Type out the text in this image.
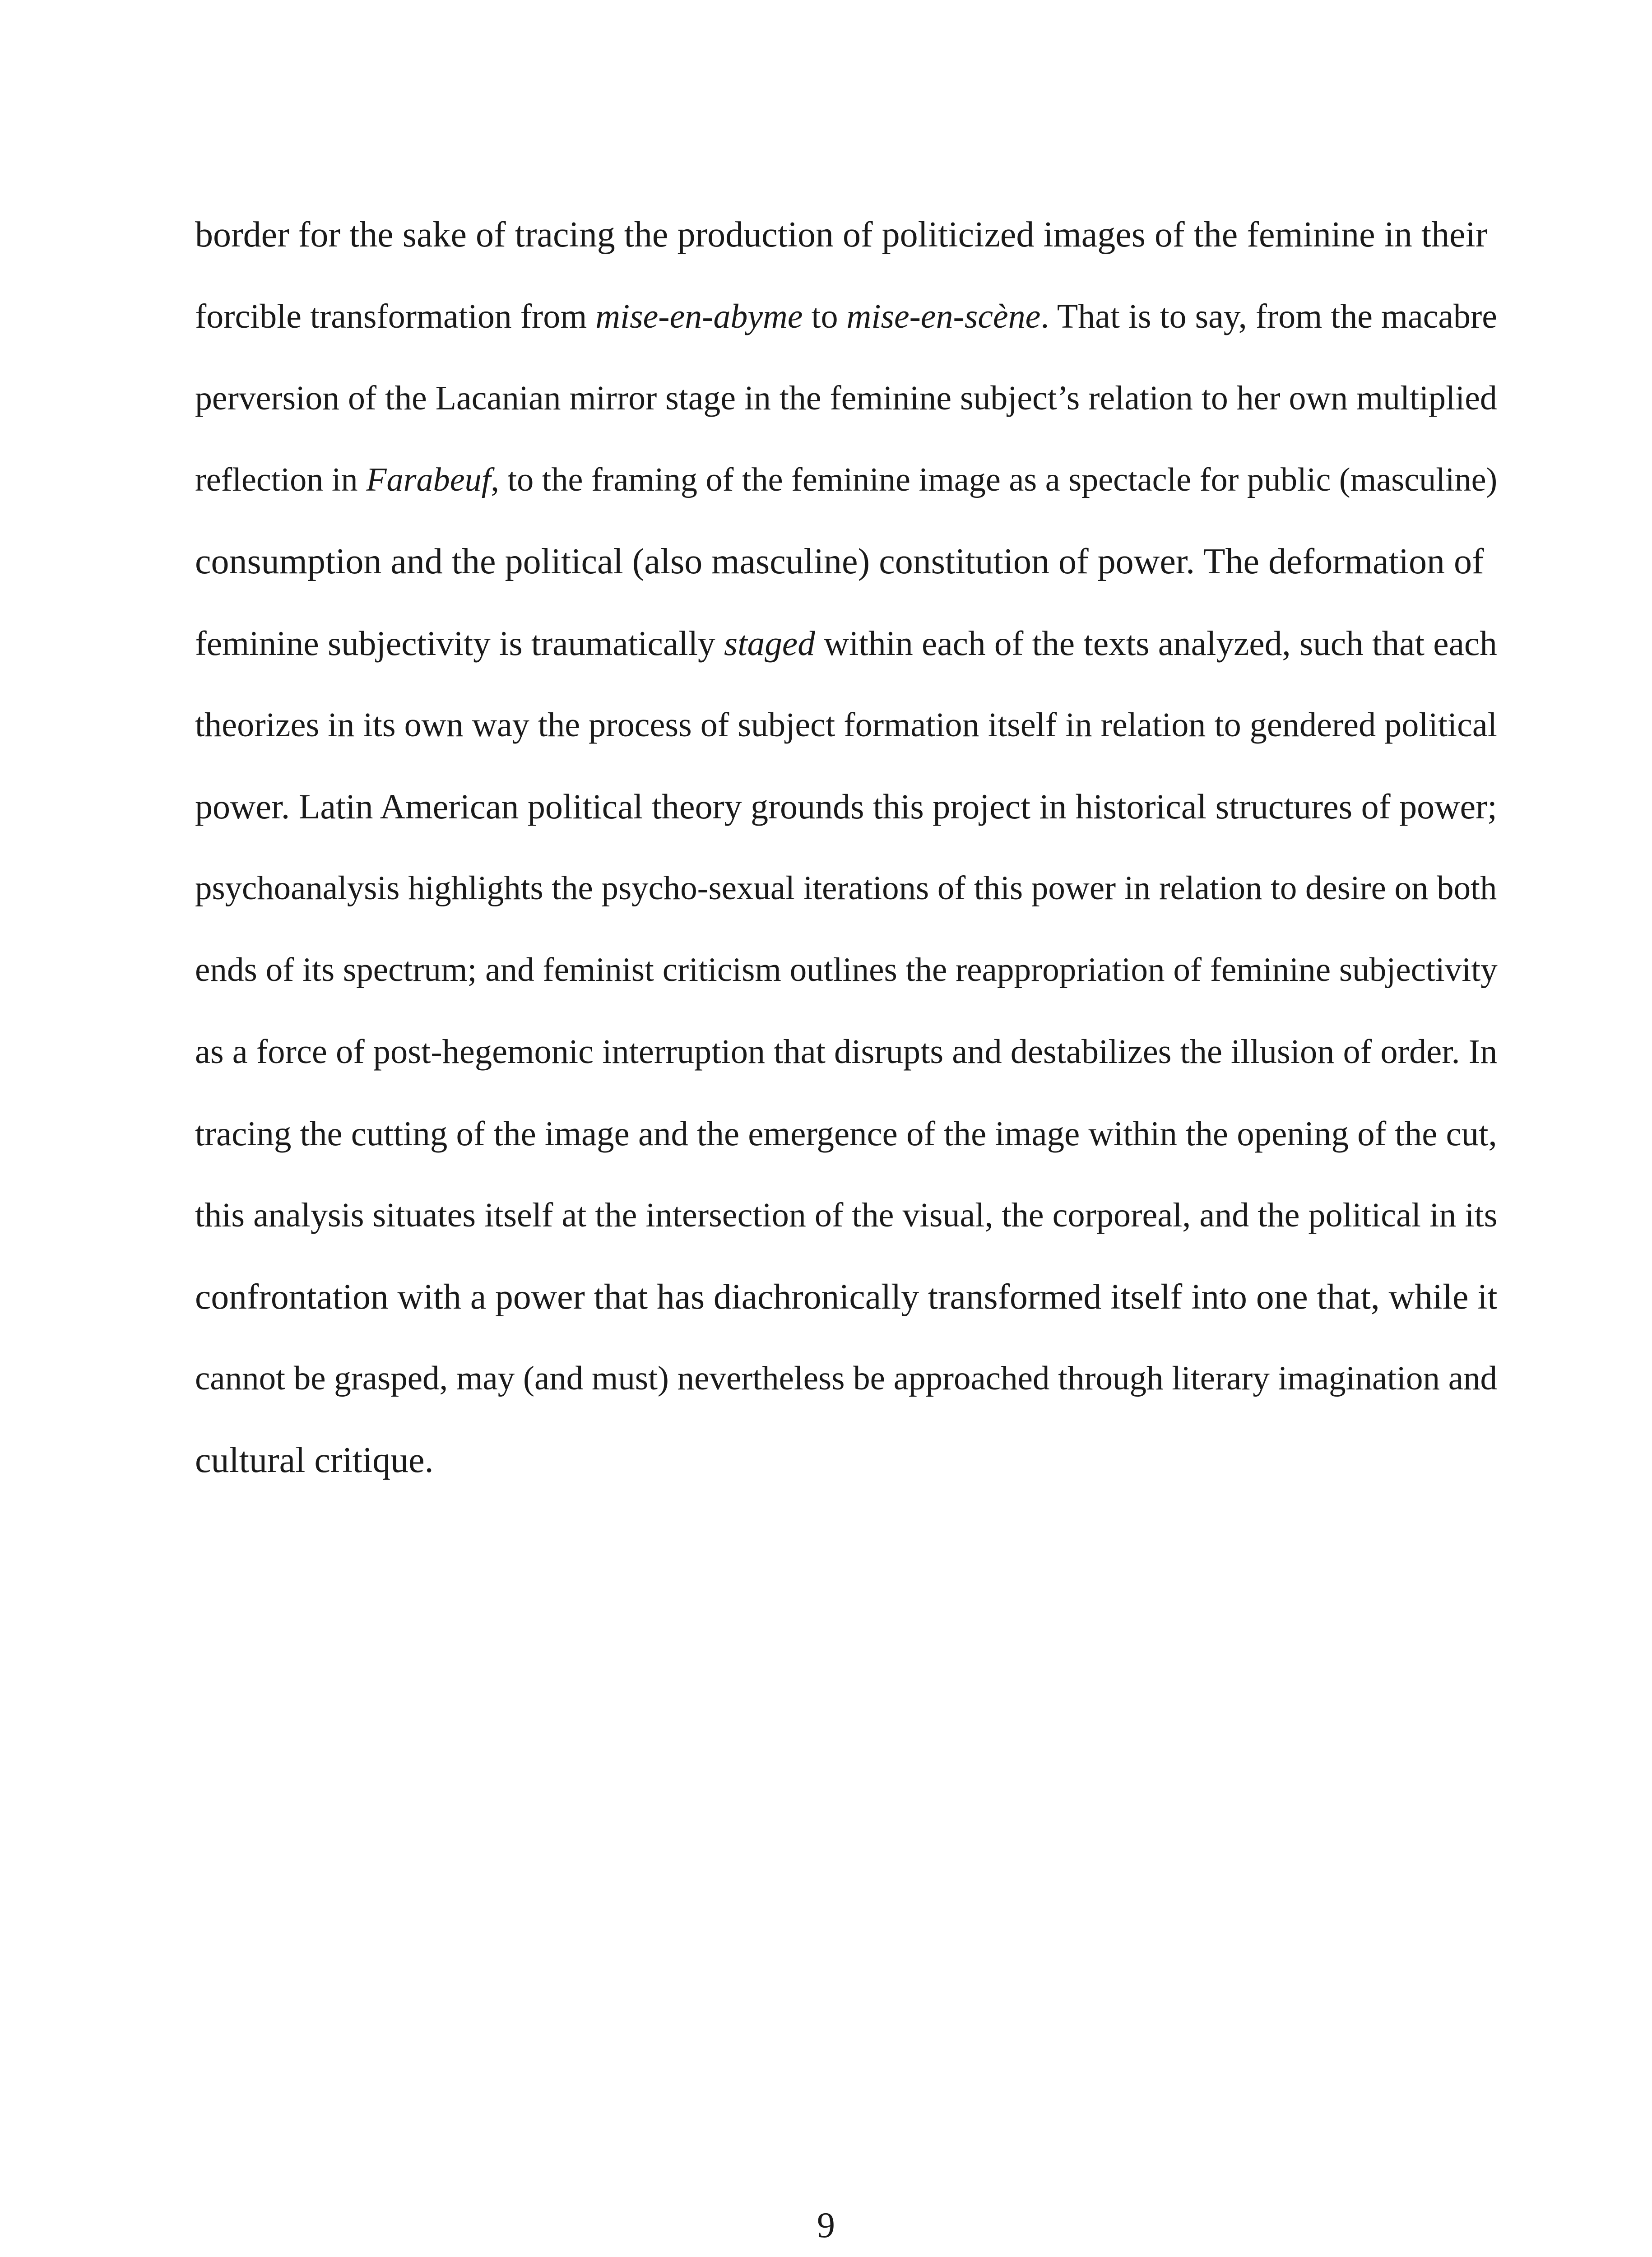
border for the sake of tracing the production of politicized images of the feminine in their
forcible transformation from mise-en-abyme to mise-en-scène. That is to say, from the macabre
perversion of the Lacanian mirror stage in the feminine subject’s relation to her own multiplied
reflection in Farabeuf, to the framing of the feminine image as a spectacle for public (masculine)
consumption and the political (also masculine) constitution of power. The deformation of
feminine subjectivity is traumatically staged within each of the texts analyzed, such that each
theorizes in its own way the process of subject formation itself in relation to gendered political
power. Latin American political theory grounds this project in historical structures of power;
psychoanalysis highlights the psycho-sexual iterations of this power in relation to desire on both
ends of its spectrum; and feminist criticism outlines the reappropriation of feminine subjectivity
as a force of post-hegemonic interruption that disrupts and destabilizes the illusion of order. In
tracing the cutting of the image and the emergence of the image within the opening of the cut,
this analysis situates itself at the intersection of the visual, the corporeal, and the political in its
confrontation with a power that has diachronically transformed itself into one that, while it
cannot be grasped, may (and must) nevertheless be approached through literary imagination and
cultural critique.
9
